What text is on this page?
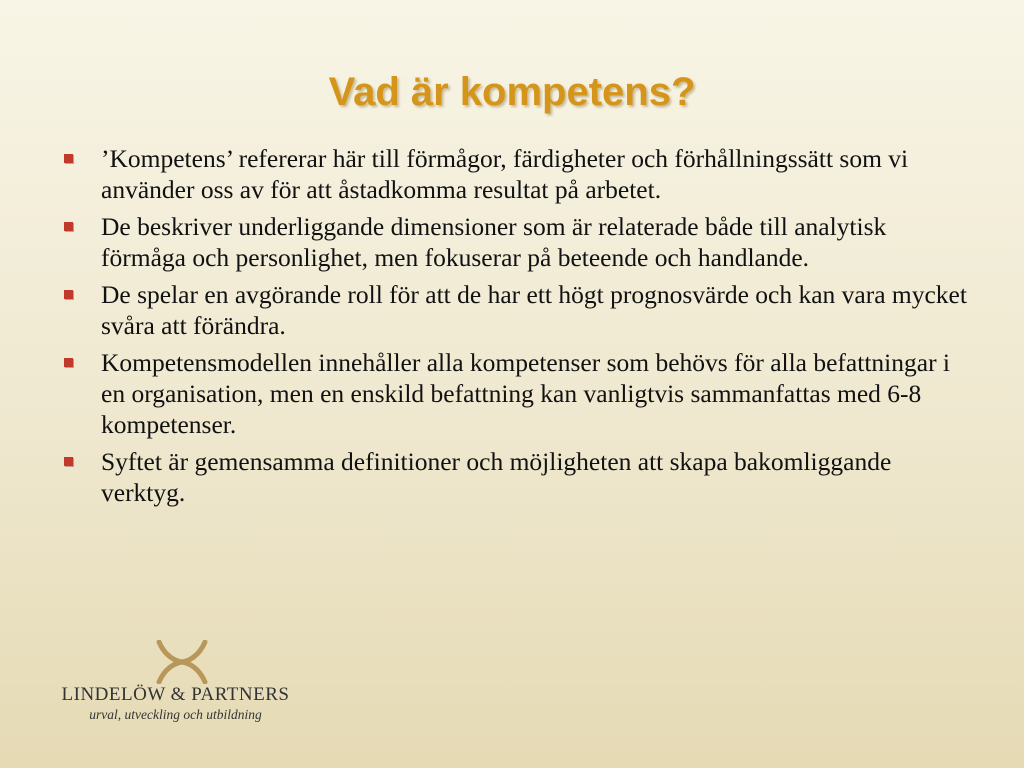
Vad är kompetens?
’Kompetens’ refererar här till förmågor, färdigheter och förhållningssätt som vi använder oss av för att åstadkomma resultat på arbetet.
De beskriver underliggande dimensioner som är relaterade både till analytisk förmåga och personlighet, men fokuserar på beteende och handlande.
De spelar en avgörande roll för att de har ett högt prognosvärde och kan vara mycket svåra att förändra.
Kompetensmodellen innehåller alla kompetenser som behövs för alla befattningar i en organisation, men en enskild befattning kan vanligtvis sammanfattas med 6-8 kompetenser.
Syftet är gemensamma definitioner och möjligheten att skapa bakomliggande verktyg.
LINDELÖW & PARTNERS
urval, utveckling och utbildning
